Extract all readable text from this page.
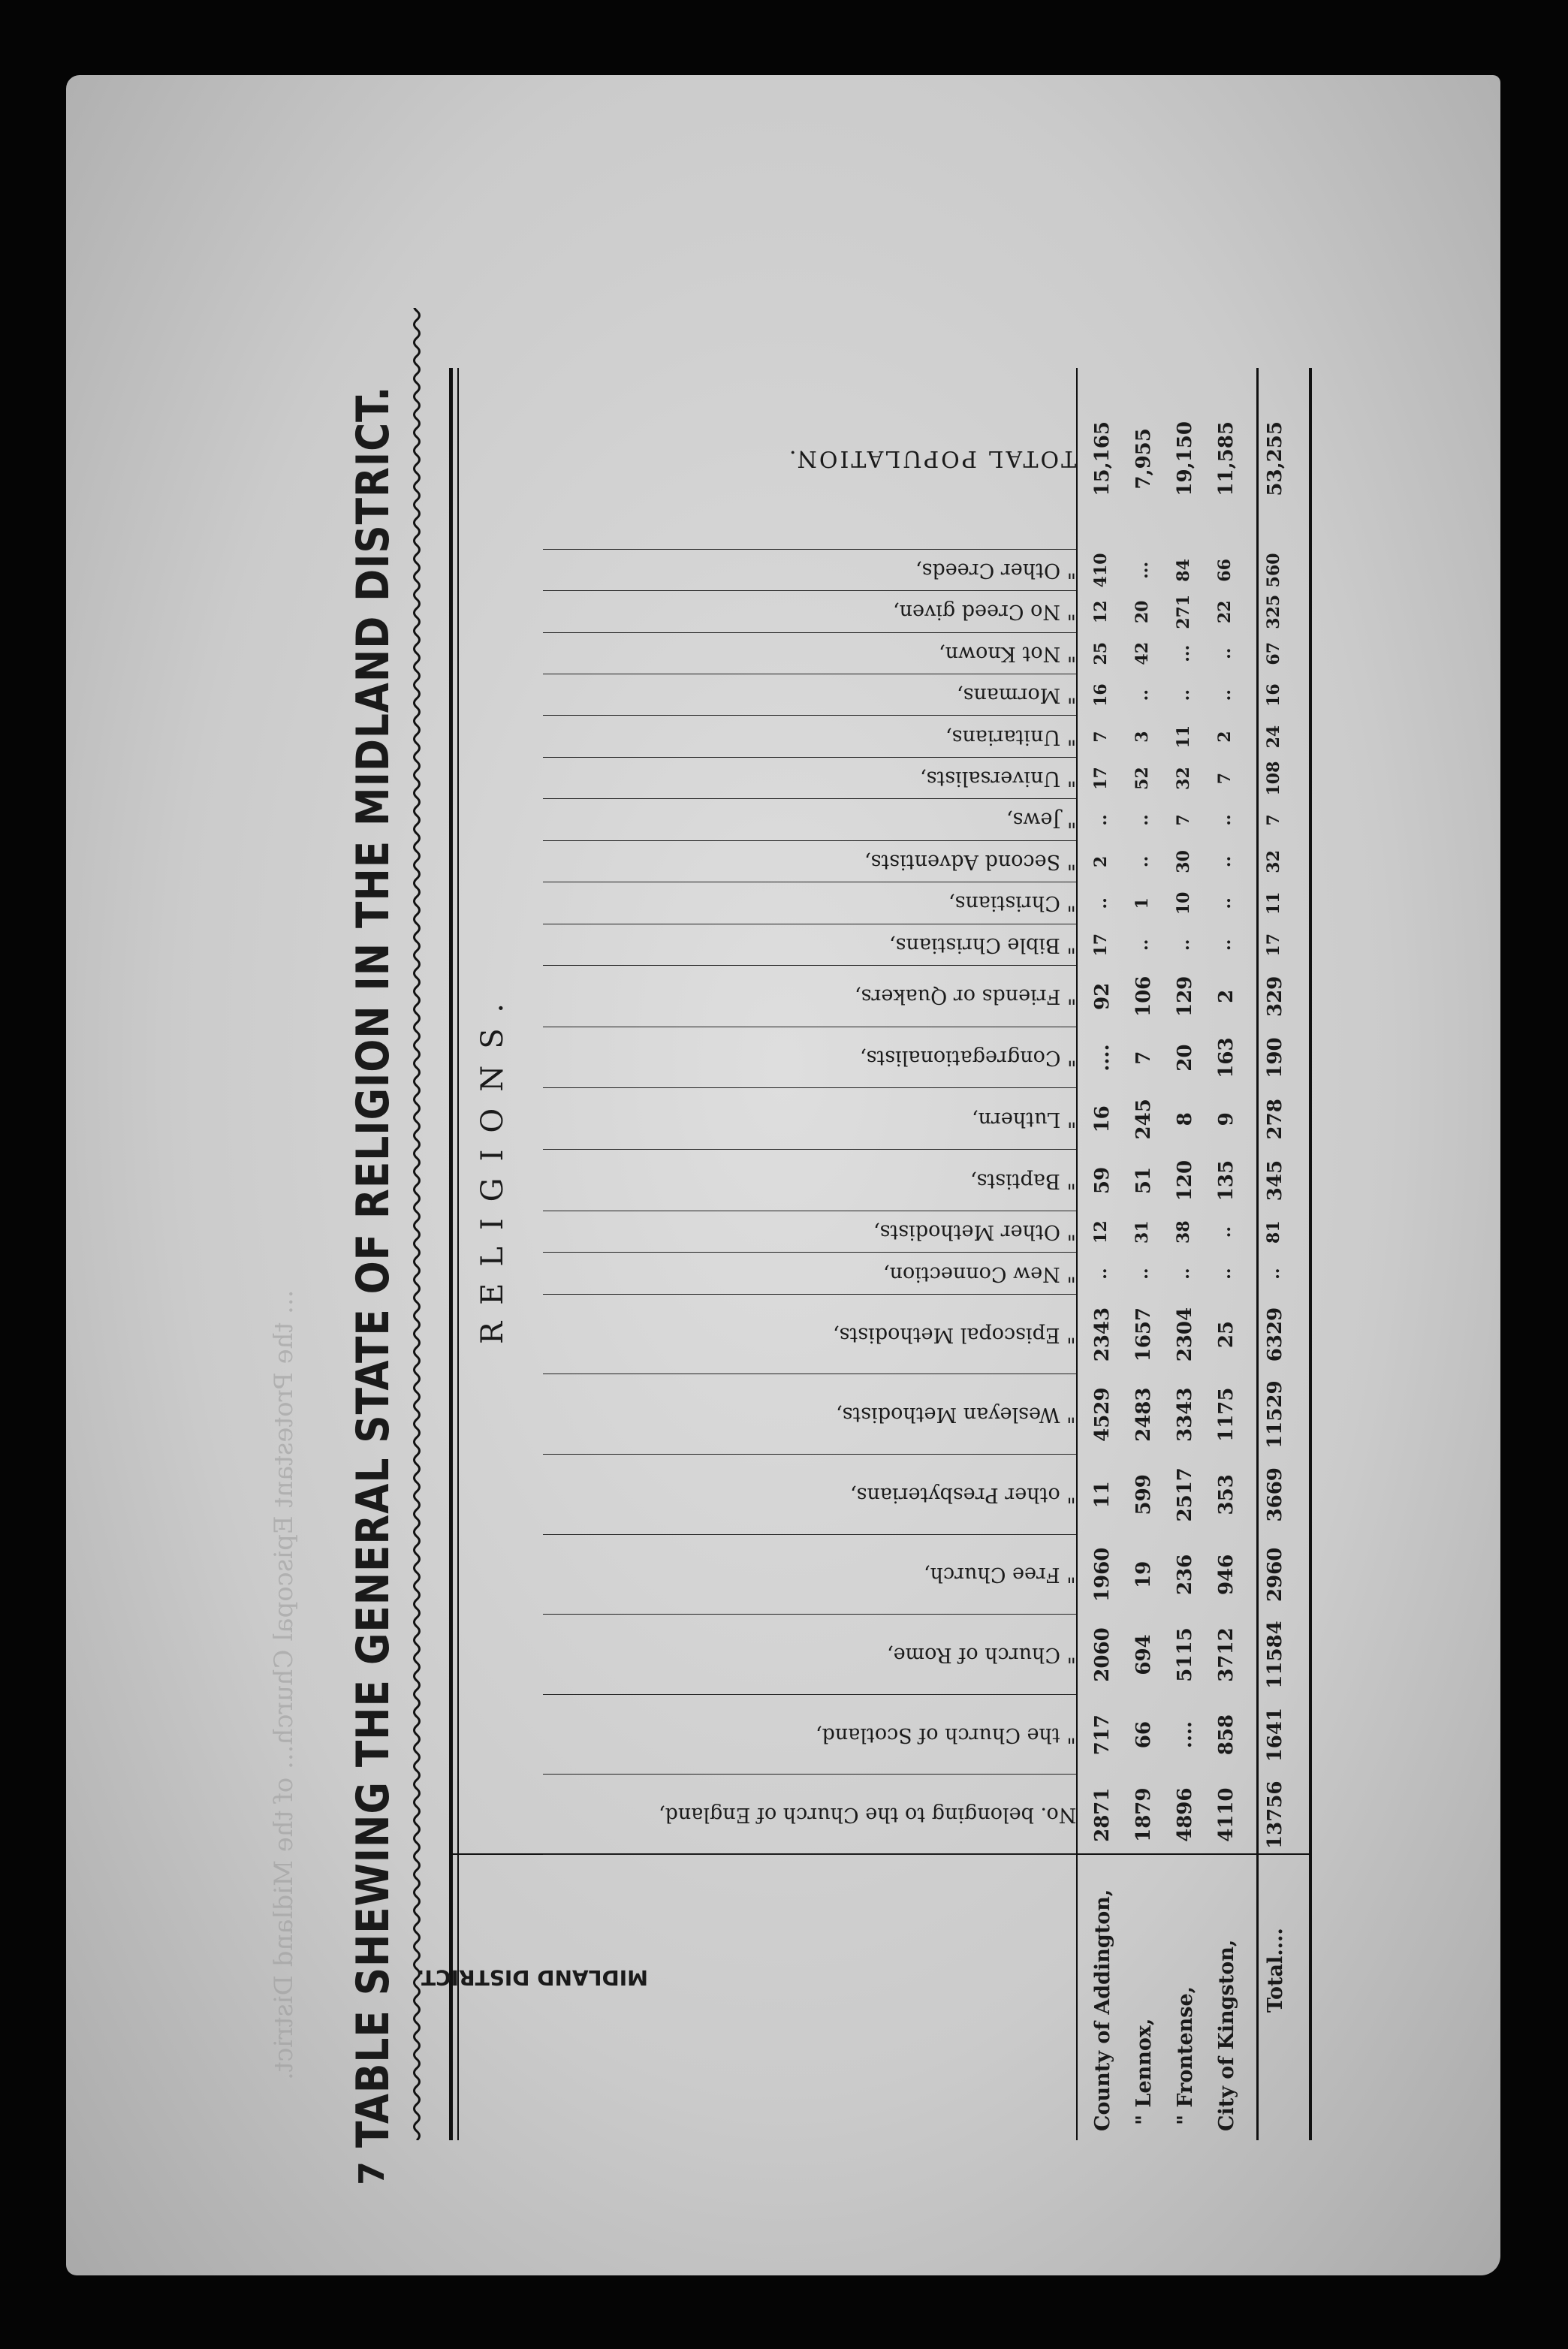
... the Protestant Episcopal Church... of the Midland District.
7
TABLE SHEWING THE GENERAL STATE OF RELIGION IN THE MIDLAND DISTRICT.	RELIGIONS.
MIDLAND DISTRICT.
No. belonging to the Church of England,
" the Church of Scotland,
" Church of Rome,
" Free Church,
" other Presbyterians,
" Wesleyan Methodists,
" Episcopal Methodists,
" New Connection,
" Other Methodists,
" Baptists,
" Luthern,
" Congregationalists,
" Friends or Quakers,
" Bible Christians,
" Christians,
" Second Adventists,
" Jews,
" Universalists,
" Unitarians,
" Mormans,
" Not Known,
" No Creed given,
" Other Creeds,
TOTAL POPULATION.
County of Addington,
2871
717
2060
1960
11
4529
2343
..
12
59
16
....
92
17
..
2
..
17
7
16
25
12
410
15,165
" Lennox,
1879
66
694
19
599
2483
1657
..
31
51
245
7
106
..
1
..
..
52
3
..
42
20
...
7,955
" Frontense,
4896
....
5115
236
2517
3343
2304
..
38
120
8
20
129
..
10
30
7
32
11
..
...
271
84
19,150
City of Kingston,
4110
858
3712
946
353
1175
25
..
..
135
9
163
2
..
..
..
..
7
2
..
..
22
66
11,585
Total....
13756
1641
11584
2960
3669
11529
6329
..
81
345
278
190
329
17
11
32
7
108
24
16
67
325
560
53,255
